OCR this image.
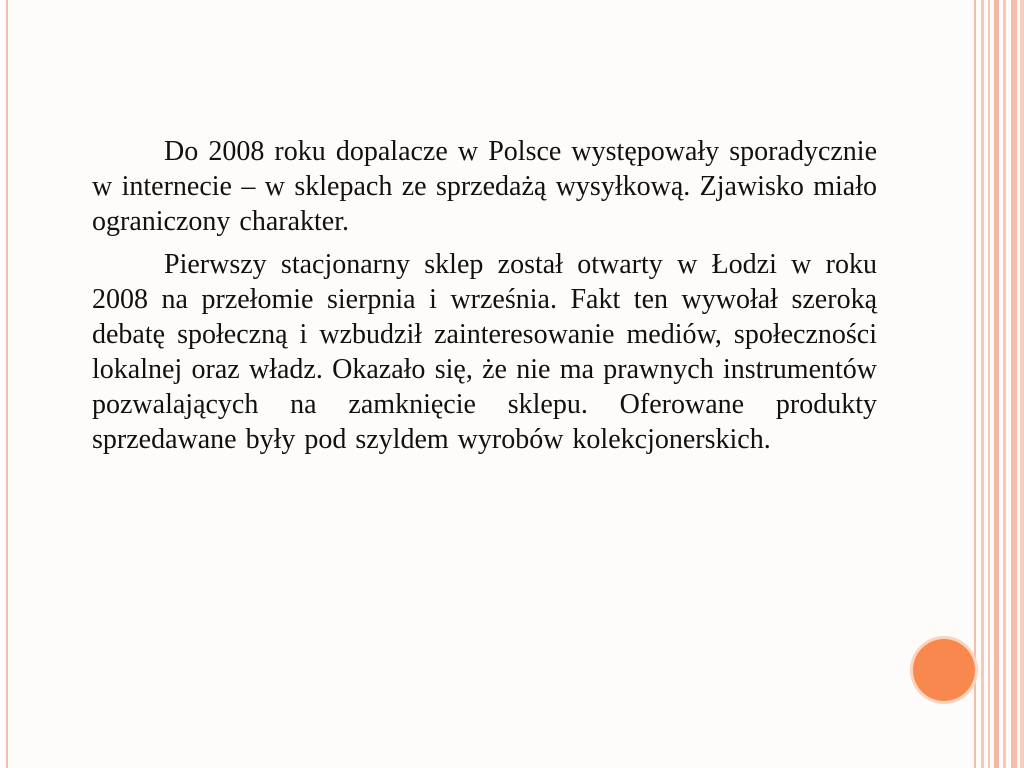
Do 2008 roku dopalacze w Polsce występowały sporadycznie w internecie – w sklepach ze sprzedażą wysyłkową. Zjawisko miało ograniczony charakter.

Pierwszy stacjonarny sklep został otwarty w Łodzi w roku 2008 na przełomie sierpnia i września. Fakt ten wywołał szeroką debatę społeczną i wzbudził zainteresowanie mediów, społeczności lokalnej oraz władz. Okazało się, że nie ma prawnych instrumentów pozwalających na zamknięcie sklepu. Oferowane produkty sprzedawane były pod szyldem wyrobów kolekcjonerskich.
